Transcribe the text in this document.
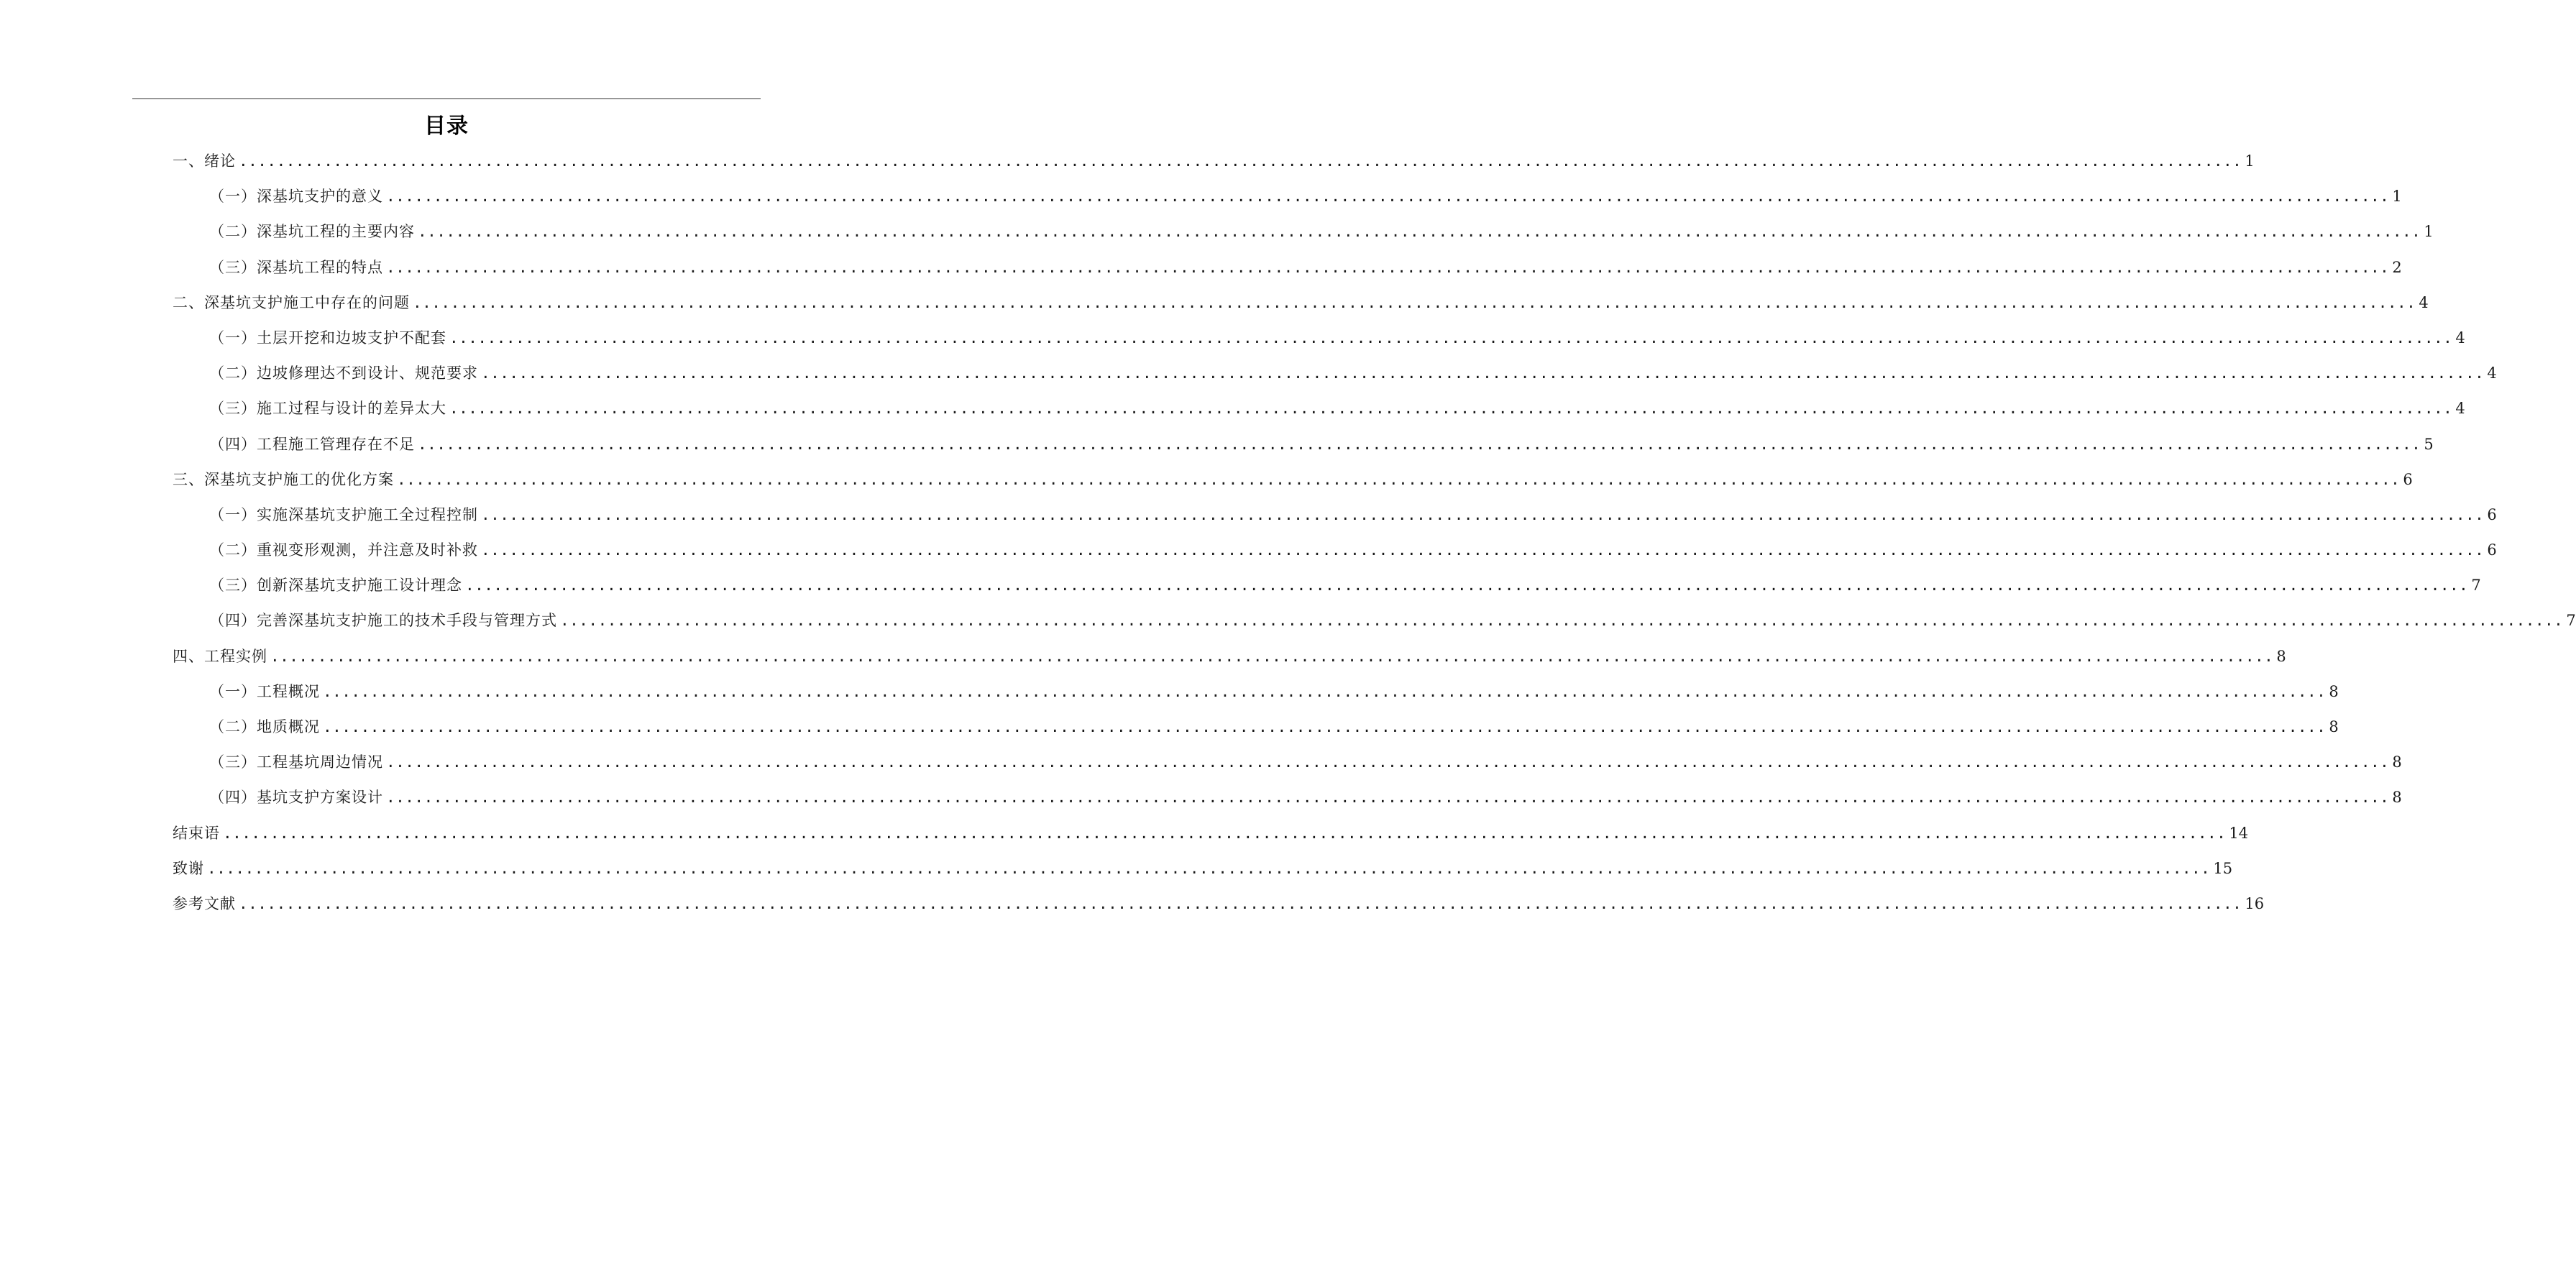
目录
一、绪论 .................................................................................................................................................................................................................... 1
（一）深基坑支护的意义 .................................................................................................................................................................................................................... 1
（二）深基坑工程的主要内容 .................................................................................................................................................................................................................... 1
（三）深基坑工程的特点 .................................................................................................................................................................................................................... 2
二、深基坑支护施工中存在的问题 .................................................................................................................................................................................................................... 4
（一）土层开挖和边坡支护不配套 .................................................................................................................................................................................................................... 4
（二）边坡修理达不到设计、规范要求 .................................................................................................................................................................................................................... 4
（三）施工过程与设计的差异太大 .................................................................................................................................................................................................................... 4
（四）工程施工管理存在不足 .................................................................................................................................................................................................................... 5
三、深基坑支护施工的优化方案 .................................................................................................................................................................................................................... 6
（一）实施深基坑支护施工全过程控制 .................................................................................................................................................................................................................... 6
（二）重视变形观测，并注意及时补救 .................................................................................................................................................................................................................... 6
（三）创新深基坑支护施工设计理念 .................................................................................................................................................................................................................... 7
（四）完善深基坑支护施工的技术手段与管理方式 .................................................................................................................................................................................................................... 7
四、工程实例 .................................................................................................................................................................................................................... 8
（一）工程概况 .................................................................................................................................................................................................................... 8
（二）地质概况 .................................................................................................................................................................................................................... 8
（三）工程基坑周边情况 .................................................................................................................................................................................................................... 8
（四）基坑支护方案设计 .................................................................................................................................................................................................................... 8
结束语 .................................................................................................................................................................................................................... 14
致谢 .................................................................................................................................................................................................................... 15
参考文献 .................................................................................................................................................................................................................... 16
